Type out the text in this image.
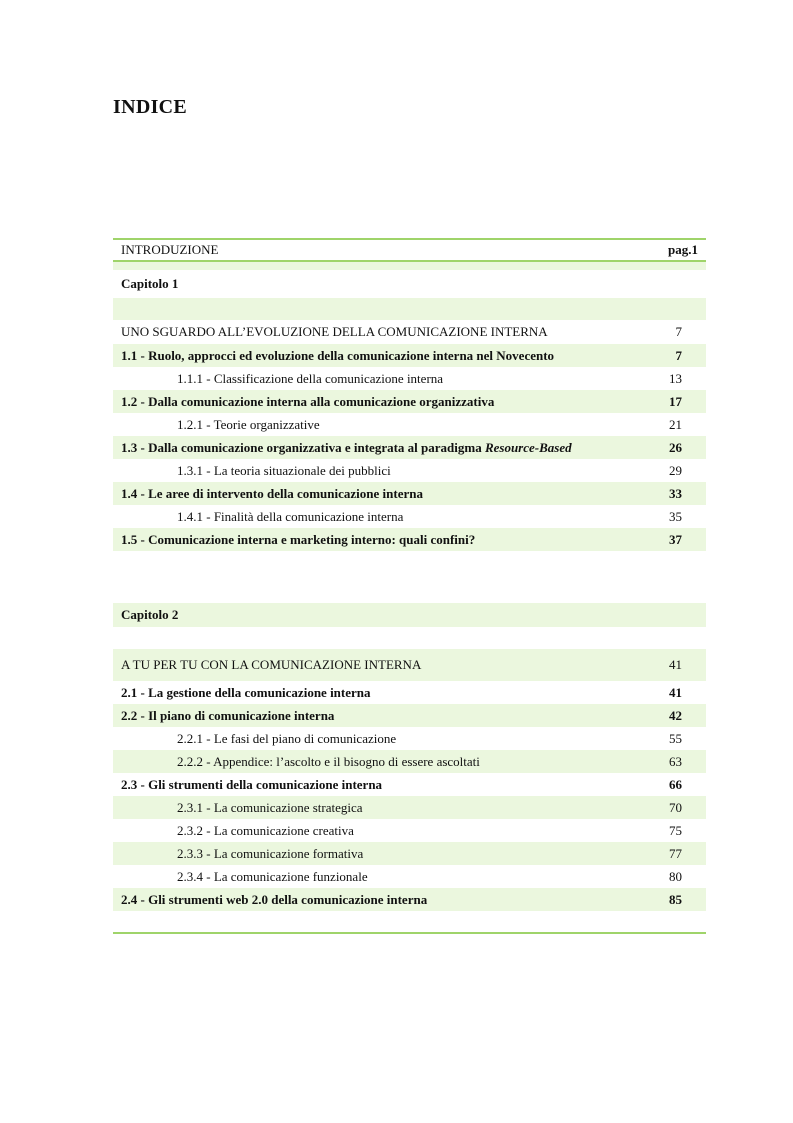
INDICE
INTRODUZIONE	pag.1
Capitolo 1
UNO SGUARDO ALL’EVOLUZIONE DELLA COMUNICAZIONE INTERNA	7
1.1 - Ruolo, approcci ed evoluzione della comunicazione interna nel Novecento	7
1.1.1 - Classificazione della comunicazione interna	13
1.2 - Dalla comunicazione interna alla comunicazione organizzativa	17
1.2.1 - Teorie organizzative	21
1.3 - Dalla comunicazione organizzativa e integrata al paradigma Resource-Based	26
1.3.1 - La teoria situazionale dei pubblici	29
1.4 - Le aree di intervento della comunicazione interna	33
1.4.1 - Finalità della comunicazione interna	35
1.5 - Comunicazione interna e marketing interno: quali confini?	37
Capitolo 2
A TU PER TU CON LA COMUNICAZIONE INTERNA	41
2.1 - La gestione della comunicazione interna	41
2.2 - Il piano di comunicazione interna	42
2.2.1 - Le fasi del piano di comunicazione	55
2.2.2 - Appendice: l’ascolto e il bisogno di essere ascoltati	63
2.3 - Gli strumenti della comunicazione interna	66
2.3.1 - La comunicazione strategica	70
2.3.2 - La comunicazione creativa	75
2.3.3 - La comunicazione formativa	77
2.3.4 - La comunicazione funzionale	80
2.4 - Gli strumenti web 2.0 della comunicazione interna	85
